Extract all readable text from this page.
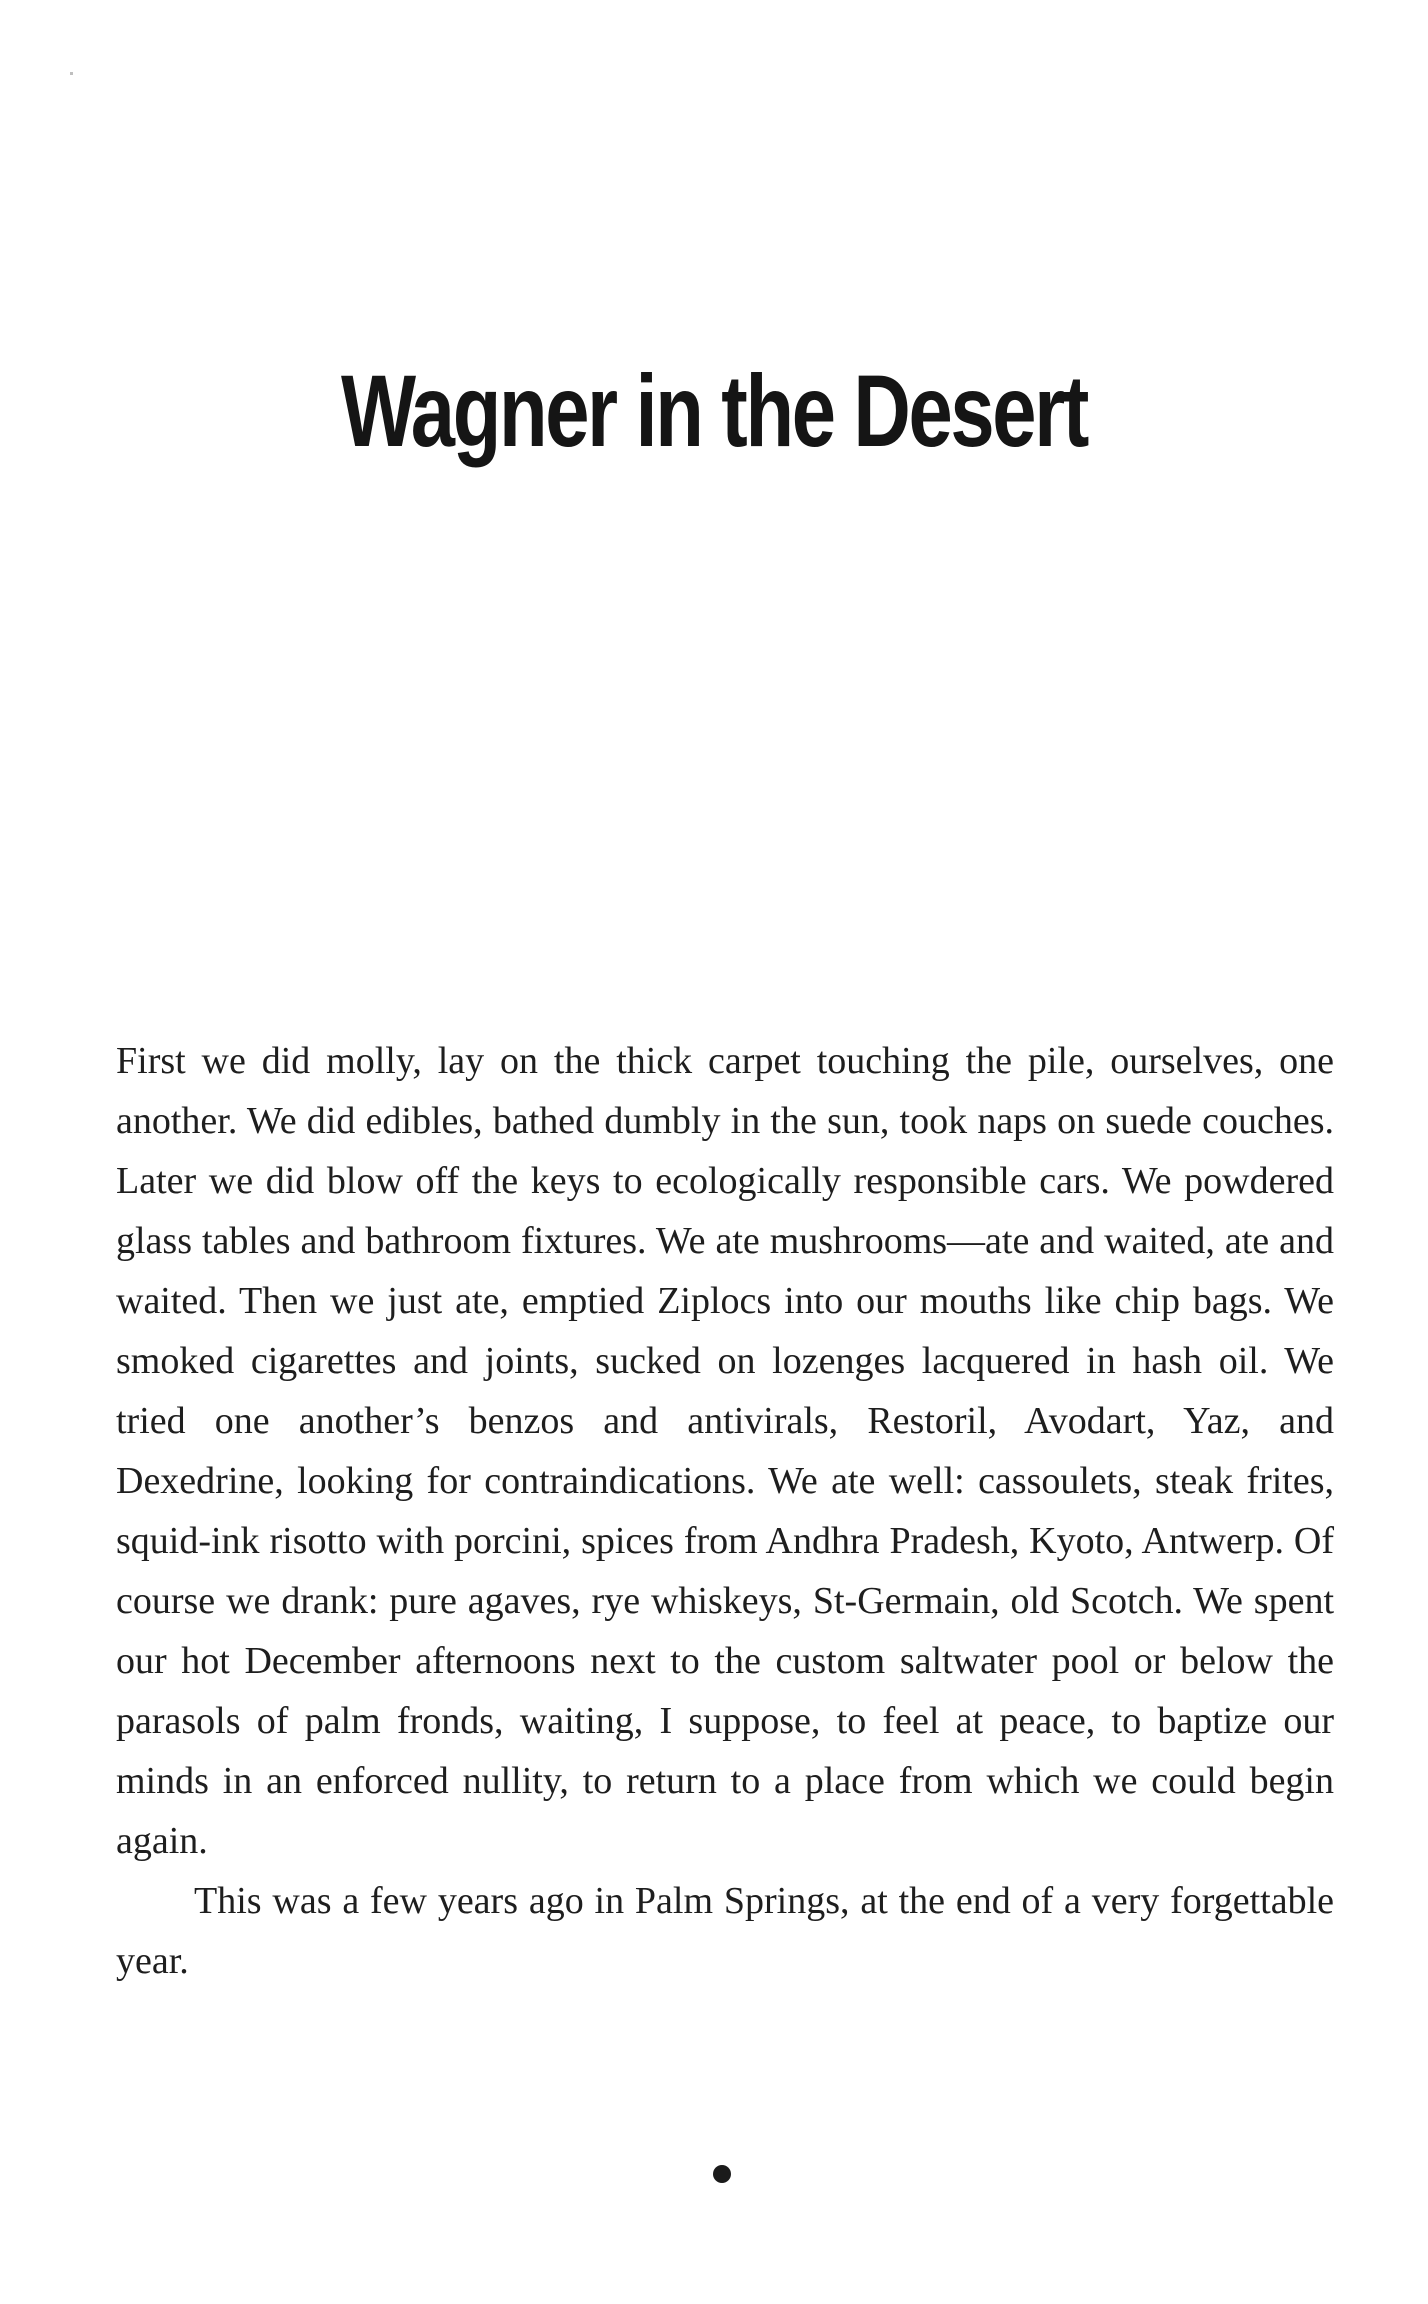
Wagner in the Desert

First we did molly, lay on the thick carpet touching the pile, ourselves, one another. We did edibles, bathed dumbly in the sun, took naps on suede couches. Later we did blow off the keys to ecologically responsible cars. We powdered glass tables and bathroom fixtures. We ate mushrooms—ate and waited, ate and waited. Then we just ate, emptied Ziplocs into our mouths like chip bags. We smoked cigarettes and joints, sucked on lozenges lacquered in hash oil. We tried one another’s benzos and antivirals, Restoril, Avodart, Yaz, and Dexedrine, looking for contraindications. We ate well: cassoulets, steak frites, squid-ink risotto with porcini, spices from Andhra Pradesh, Kyoto, Antwerp. Of course we drank: pure agaves, rye whiskeys, St-Germain, old Scotch. We spent our hot December afternoons next to the custom saltwater pool or below the parasols of palm fronds, waiting, I suppose, to feel at peace, to baptize our minds in an enforced nullity, to return to a place from which we could begin again.

This was a few years ago in Palm Springs, at the end of a very forgettable year.
